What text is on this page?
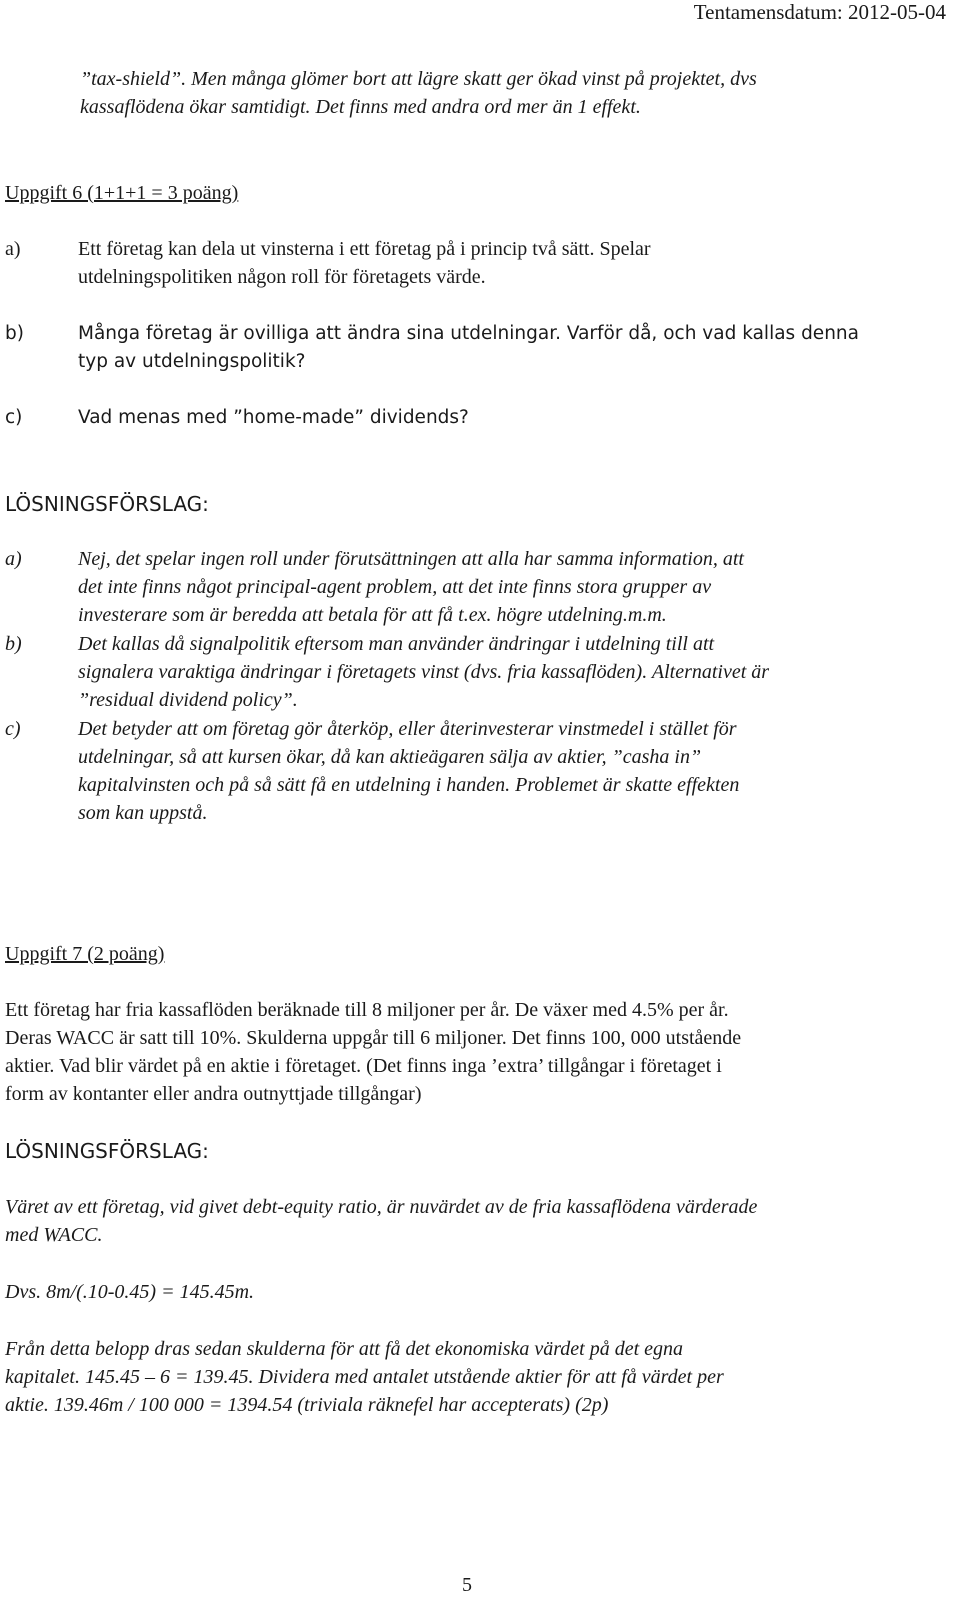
Tentamensdatum: 2012-05-04
”tax-shield”. Men många glömer bort att lägre skatt ger ökad vinst på projektet, dvs
kassaflödena ökar samtidigt. Det finns med andra ord mer än 1 effekt.
Uppgift 6 (1+1+1 = 3 poäng)
a)	Ett företag kan dela ut vinsterna i ett företag på i princip två sätt. Spelar
utdelningspolitiken någon roll för företagets värde.
b)	Många företag är ovilliga att ändra sina utdelningar. Varför då, och vad kallas denna
typ av utdelningspolitik?
c)	Vad menas med ”home-made” dividends?
LÖSNINGSFÖRSLAG:
a)	Nej, det spelar ingen roll under förutsättningen att alla har samma information, att
det inte finns något principal-agent problem, att det inte finns stora grupper av
investerare som är beredda att betala för att få t.ex. högre utdelning.m.m.
b)	Det kallas då signalpolitik eftersom man använder ändringar i utdelning till att
signalera varaktiga ändringar i företagets vinst (dvs. fria kassaflöden). Alternativet är
”residual dividend policy”.
c)	Det betyder att om företag gör återköp, eller återinvesterar vinstmedel i stället för
utdelningar, så att kursen ökar, då kan aktieägaren sälja av aktier, ”casha in”
kapitalvinsten och på så sätt få en utdelning i handen. Problemet är skatte effekten
som kan uppstå.
Uppgift 7 (2 poäng)
Ett företag har fria kassaflöden beräknade till 8 miljoner per år. De växer med 4.5% per år.
Deras WACC är satt till 10%. Skulderna uppgår till 6 miljoner. Det finns 100, 000 utstående
aktier. Vad blir värdet på en aktie i företaget. (Det finns inga ’extra’ tillgångar i företaget i
form av kontanter eller andra outnyttjade tillgångar)
LÖSNINGSFÖRSLAG:
Väret av ett företag, vid givet debt-equity ratio, är nuvärdet av de fria kassaflödena värderade
med WACC.
Dvs. 8m/(.10-0.45) = 145.45m.
Från detta belopp dras sedan skulderna för att få det ekonomiska värdet på det egna
kapitalet. 145.45 – 6 = 139.45. Dividera med antalet utstående aktier för att få värdet per
aktie. 139.46m / 100 000 = 1394.54 (triviala räknefel har accepterats) (2p)
5
